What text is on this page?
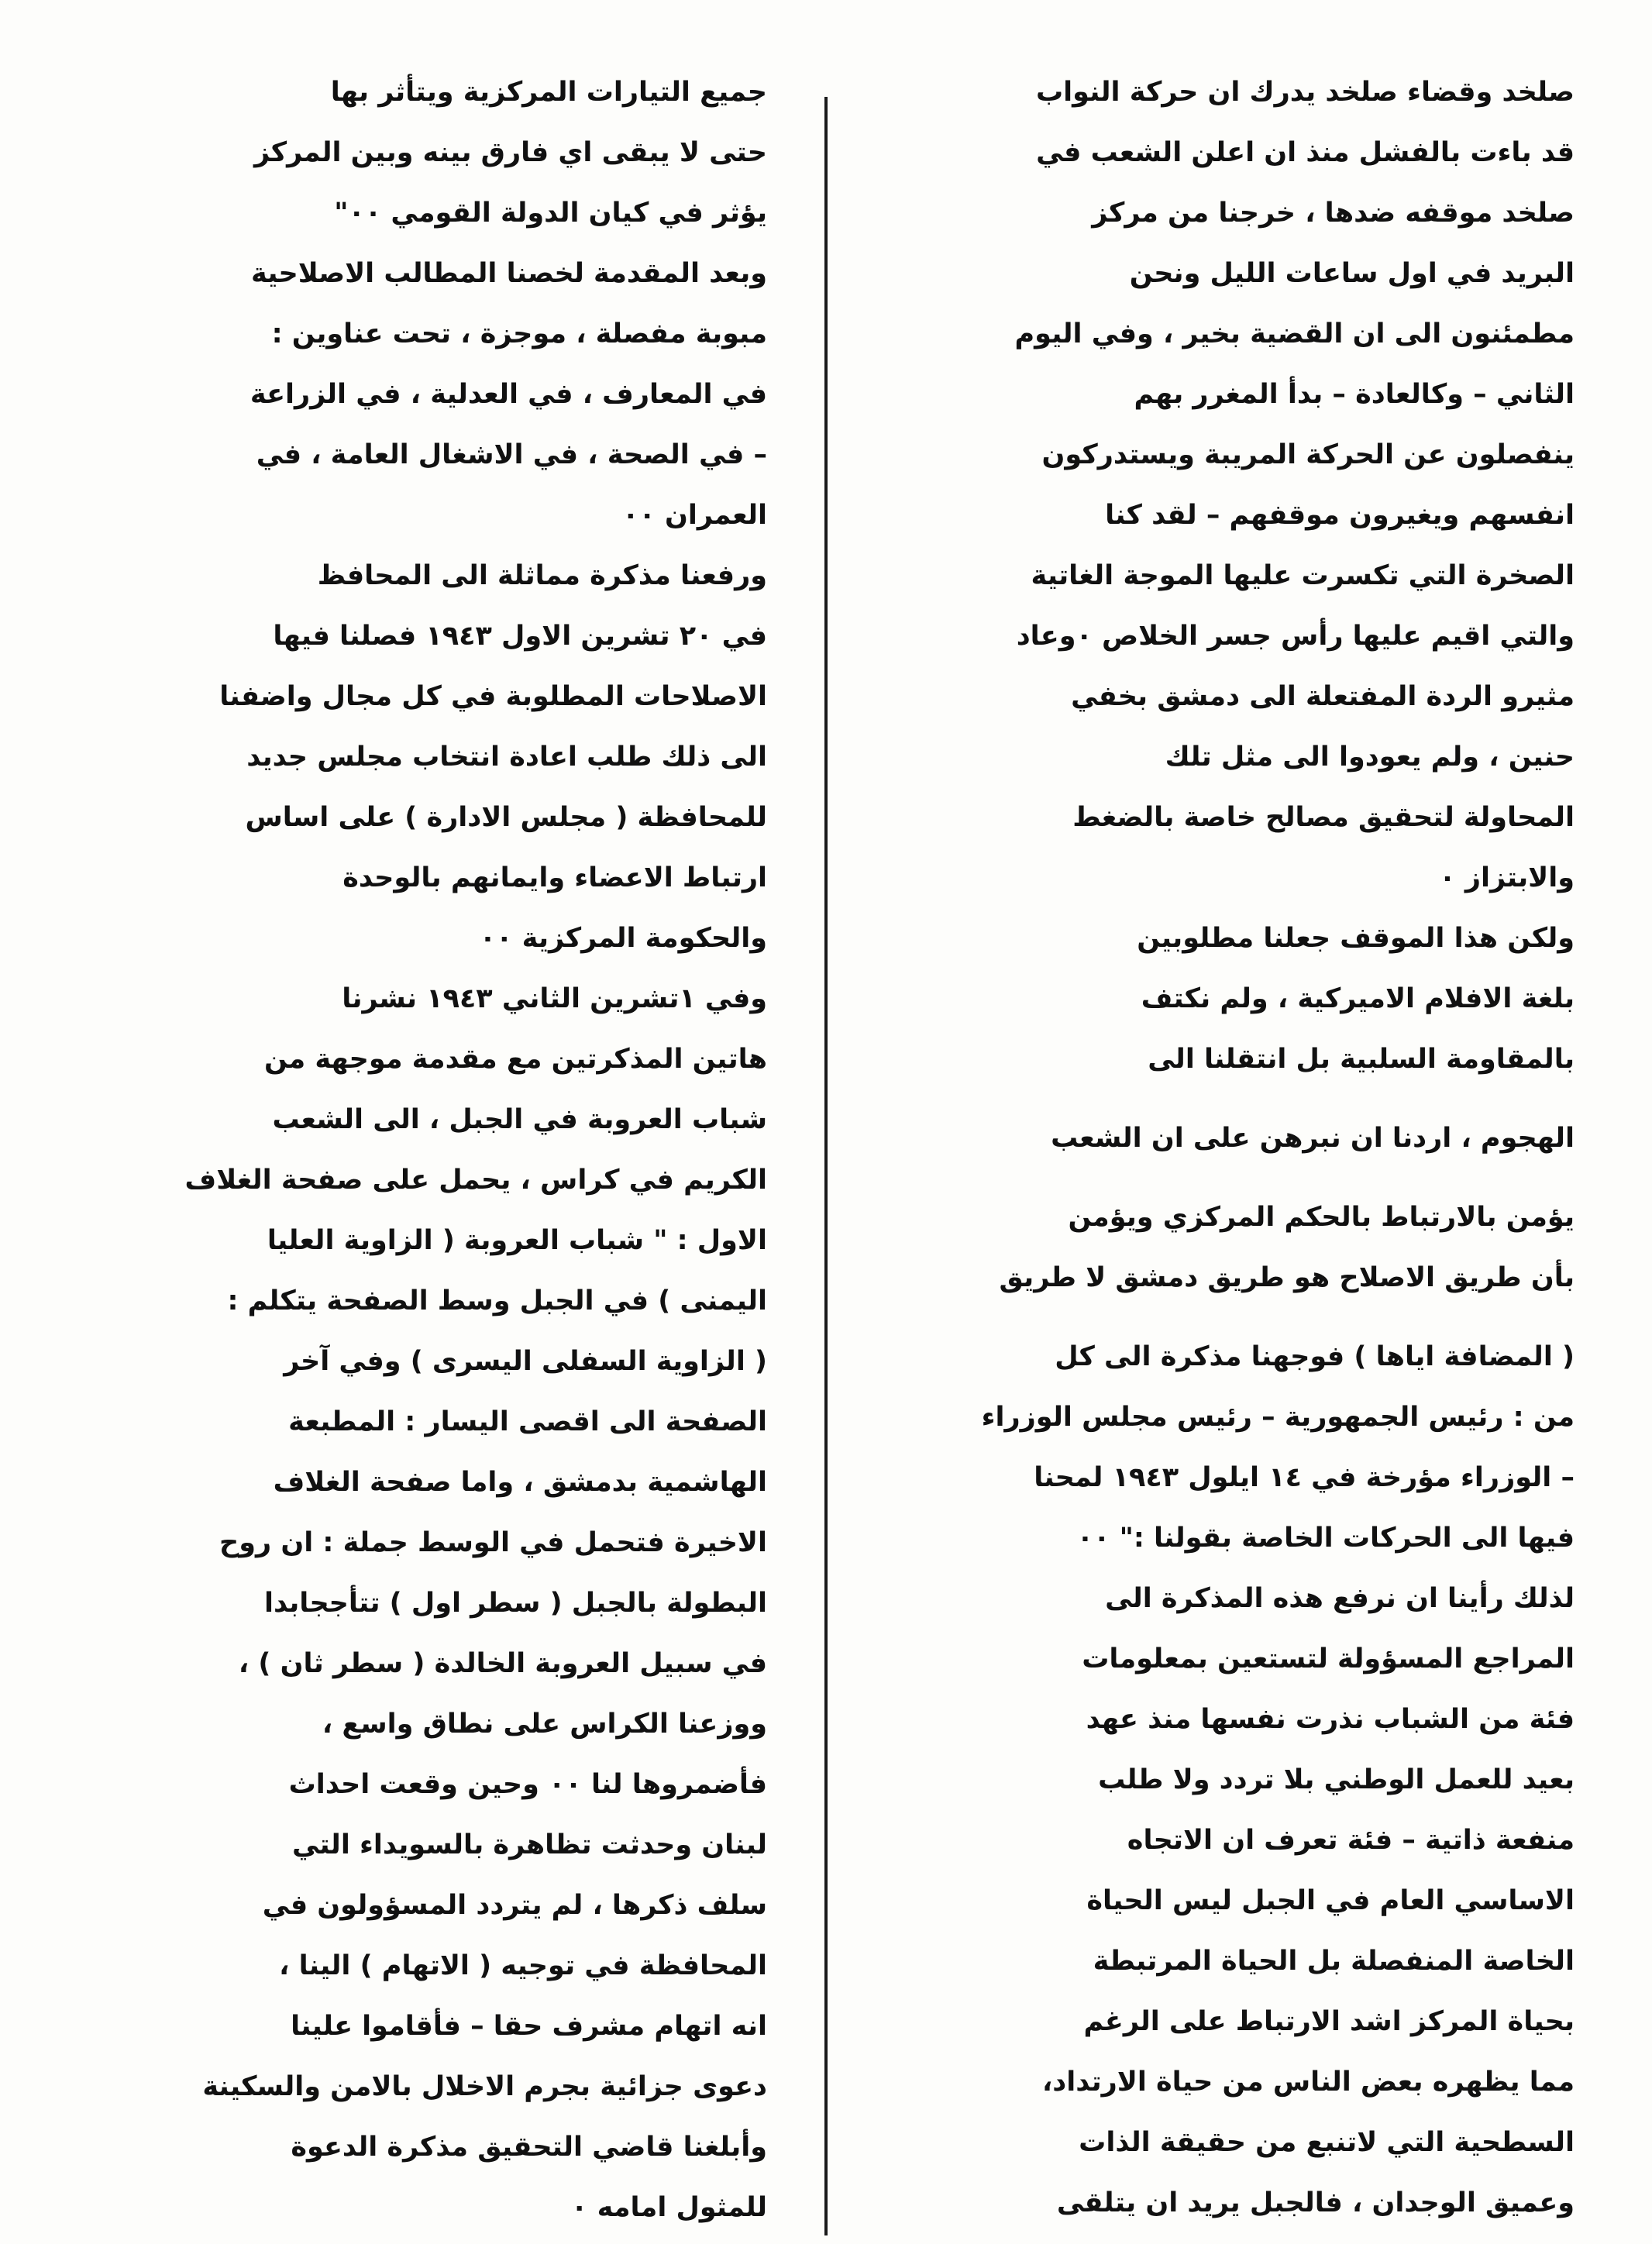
صلخد وقضاء صلخد يدرك ان حركة النواب
قد باءت بالفشل منذ ان اعلن الشعب في
صلخد موقفه ضدها ، خرجنا من مركز
البريد في اول ساعات الليل ونحن
مطمئنون الى ان القضية بخير ، وفي اليوم
الثاني – وكالعادة – بدأ المغرر بهم
ينفصلون عن الحركة المريبة ويستدركون
انفسهم ويغيرون موقفهم – لقد كنا
الصخرة التي تكسرت عليها الموجة الغاتية
والتي اقيم عليها رأس جسر الخلاص ٠وعاد
مثيرو الردة المفتعلة الى دمشق بخفي
حنين ، ولم يعودوا الى مثل تلك
المحاولة لتحقيق مصالح خاصة بالضغط
والابتزاز ٠
ولكن هذا الموقف جعلنا مطلوبين
بلغة الافلام الاميركية ، ولم نكتف
بالمقاومة السلبية بل انتقلنا الى
الهجوم ، اردنا ان نبرهن على ان الشعب
يؤمن بالارتباط بالحكم المركزي ويؤمن
بأن طريق الاصلاح هو طريق دمشق لا طريق
( المضافة اياها ) فوجهنا مذكرة الى كل
من : رئيس الجمهورية – رئيس مجلس الوزراء
– الوزراء مؤرخة في ١٤ ايلول ١٩٤٣ لمحنا
فيها الى الحركات الخاصة بقولنا :" ٠٠
لذلك رأينا ان نرفع هذه المذكرة الى
المراجع المسؤولة لتستعين بمعلومات
فئة من الشباب نذرت نفسها منذ عهد
بعيد للعمل الوطني بلا تردد ولا طلب
منفعة ذاتية – فئة تعرف ان الاتجاه
الاساسي العام في الجبل ليس الحياة
الخاصة المنفصلة بل الحياة المرتبطة
بحياة المركز اشد الارتباط على الرغم
مما يظهره بعض الناس من حياة الارتداد،
السطحية التي لاتنبع من حقيقة الذات
وعميق الوجدان ، فالجبل يريد ان يتلقى
جميع التيارات المركزية ويتأثر بها
حتى لا يبقى اي فارق بينه وبين المركز
يؤثر في كيان الدولة القومي ٠٠"
وبعد المقدمة لخصنا المطالب الاصلاحية
مبوبة مفصلة ، موجزة ، تحت عناوين :
في المعارف ، في العدلية ، في الزراعة
– في الصحة ، في الاشغال العامة ، في
العمران ٠٠
ورفعنا مذكرة مماثلة الى المحافظ
في ٢٠ تشرين الاول ١٩٤٣ فصلنا فيها
الاصلاحات المطلوبة في كل مجال واضفنا
الى ذلك طلب اعادة انتخاب مجلس جديد
للمحافظة ( مجلس الادارة ) على اساس
ارتباط الاعضاء وايمانهم بالوحدة
والحكومة المركزية ٠٠
وفي ١تشرين الثاني ١٩٤٣ نشرنا
هاتين المذكرتين مع مقدمة موجهة من
شباب العروبة في الجبل ، الى الشعب
الكريم في كراس ، يحمل على صفحة الغلاف
الاول : " شباب العروبة ( الزاوية العليا
اليمنى ) في الجبل وسط الصفحة يتكلم :
( الزاوية السفلى اليسرى ) وفي آخر
الصفحة الى اقصى اليسار : المطبعة
الهاشمية بدمشق ، واما صفحة الغلاف
الاخيرة فتحمل في الوسط جملة : ان روح
البطولة بالجبل ( سطر اول ) تتأججابدا
في سبيل العروبة الخالدة ( سطر ثان ) ،
ووزعنا الكراس على نطاق واسع ،
فأضمروها لنا ٠٠ وحين وقعت احداث
لبنان وحدثت تظاهرة بالسويداء التي
سلف ذكرها ، لم يتردد المسؤولون في
المحافظة في توجيه ( الاتهام ) الينا ،
انه اتهام مشرف حقا – فأقاموا علينا
دعوى جزائية بجرم الاخلال بالامن والسكينة
وأبلغنا قاضي التحقيق مذكرة الدعوة
للمثول امامه ٠
